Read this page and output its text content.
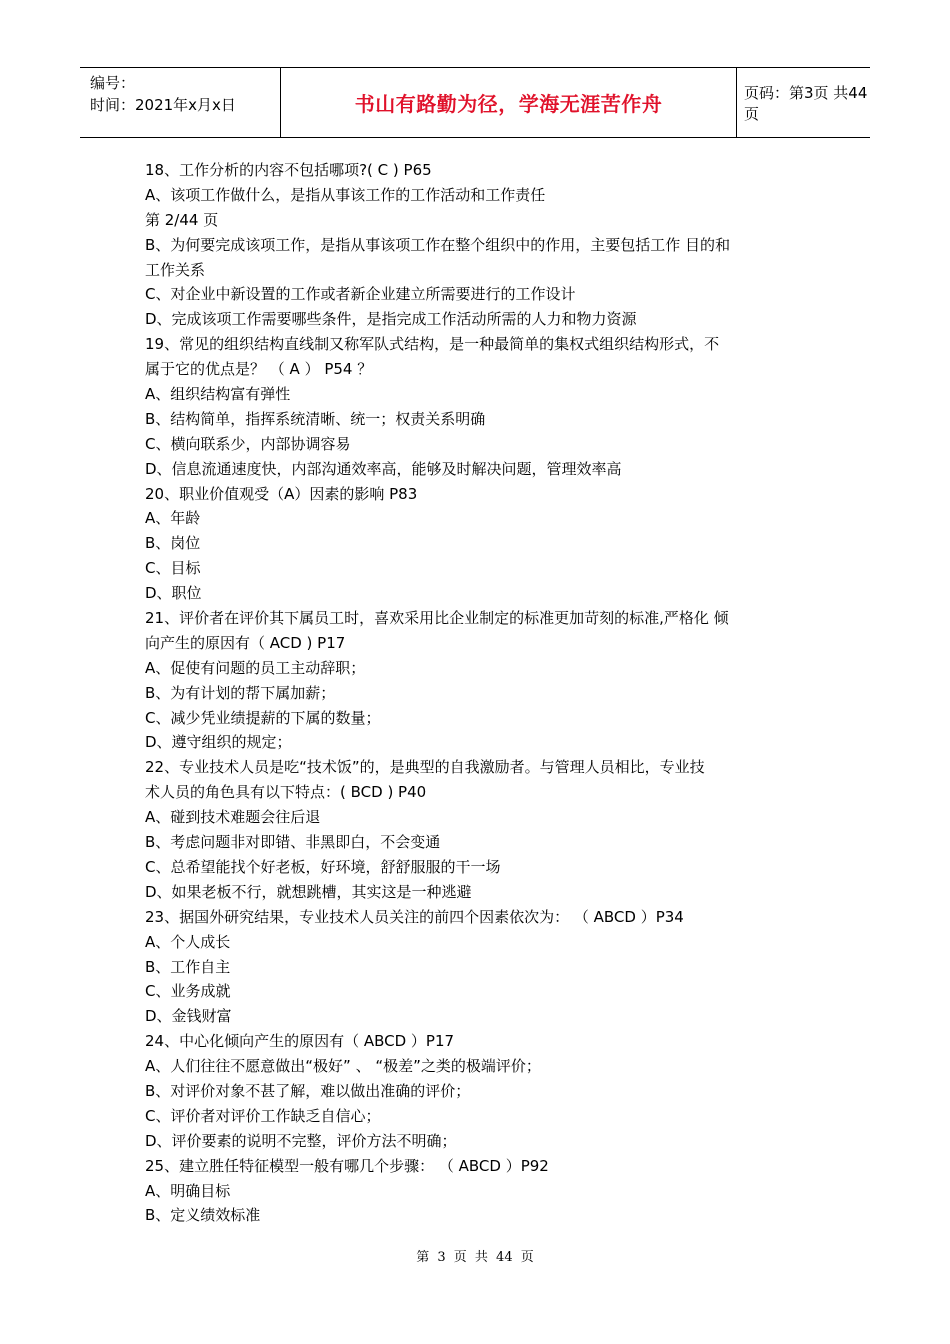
编号：
时间：2021年x月x日	书山有路勤为径，学海无涯苦作舟	页码：第3页 共44页
18、工作分析的内容不包括哪项?( C ) P65
A、该项工作做什么，是指从事该工作的工作活动和工作责任
第 2/44 页
B、为何要完成该项工作，是指从事该项工作在整个组织中的作用，主要包括工作 目的和
工作关系
C、对企业中新设置的工作或者新企业建立所需要进行的工作设计
D、完成该项工作需要哪些条件，是指完成工作活动所需的人力和物力资源
19、常见的组织结构直线制又称军队式结构，是一种最简单的集权式组织结构形式，不
属于它的优点是？ （ A ） P54 ？
A、组织结构富有弹性
B、结构简单，指挥系统清晰、统一；权责关系明确
C、横向联系少，内部协调容易
D、信息流通速度快，内部沟通效率高，能够及时解决问题，管理效率高
20、职业价值观受（A）因素的影响 P83
A、年龄
B、岗位
C、目标
D、职位
21、评价者在评价其下属员工时，喜欢采用比企业制定的标准更加苛刻的标准,严格化 倾
向产生的原因有（ ACD ) P17
A、促使有问题的员工主动辞职；
B、为有计划的帮下属加薪；
C、减少凭业绩提薪的下属的数量；
D、遵守组织的规定；
22、专业技术人员是吃“技术饭”的，是典型的自我激励者。与管理人员相比，专业技
术人员的角色具有以下特点：( BCD ) P40
A、碰到技术难题会往后退
B、考虑问题非对即错、非黑即白，不会变通
C、总希望能找个好老板，好环境，舒舒服服的干一场
D、如果老板不行，就想跳槽，其实这是一种逃避
23、据国外研究结果，专业技术人员关注的前四个因素依次为： （ ABCD ）P34
A、个人成长
B、工作自主
C、业务成就
D、金钱财富
24、中心化倾向产生的原因有（ ABCD ）P17
A、人们往往不愿意做出“极好” 、 “极差”之类的极端评价；
B、对评价对象不甚了解，难以做出准确的评价；
C、评价者对评价工作缺乏自信心；
D、评价要素的说明不完整，评价方法不明确；
25、建立胜任特征模型一般有哪几个步骤： （ ABCD ）P92
A、明确目标
B、定义绩效标准
第 3 页 共 44 页
